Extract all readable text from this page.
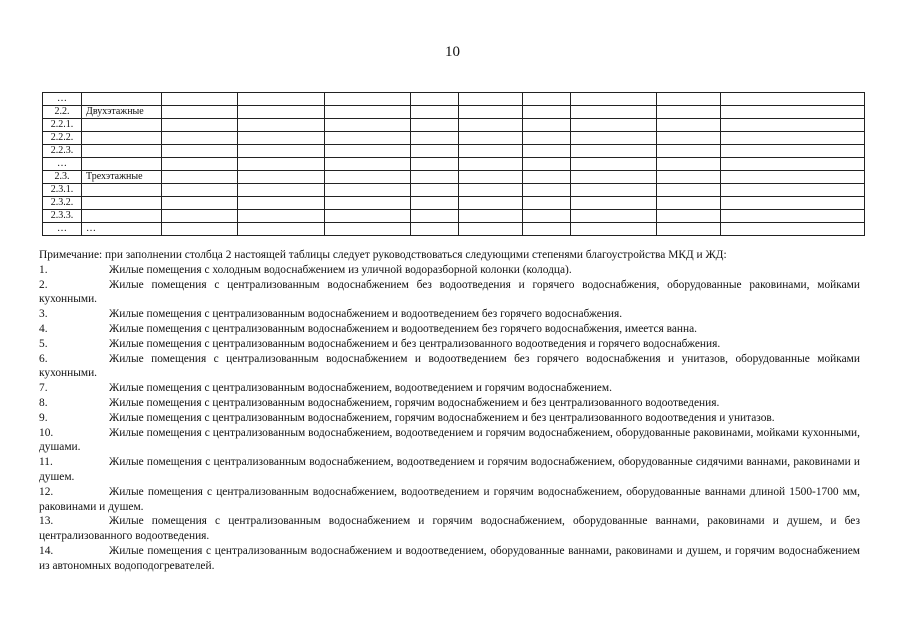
10
…										
2.2.	Двухэтажные									
2.2.1.										
2.2.2.										
2.2.3.										
…										
2.3.	Трехэтажные									
2.3.1.										
2.3.2.										
2.3.3.										
…	…									

Примечание: при заполнении столбца 2 настоящей таблицы следует руководствоваться следующими степенями благоустройства МКД и ЖД:

1.	Жилые помещения с холодным водоснабжением из уличной водоразборной колонки (колодца).

2.	Жилые помещения с централизованным водоснабжением без водоотведения и горячего водоснабжения, оборудованные раковинами, мойками кухонными.

3.	Жилые помещения с централизованным водоснабжением и водоотведением без горячего водоснабжения.

4.	Жилые помещения с централизованным водоснабжением и водоотведением без горячего водоснабжения, имеется ванна.

5.	Жилые помещения с централизованным водоснабжением и без централизованного водоотведения и горячего водоснабжения.

6.	Жилые помещения с централизованным водоснабжением и водоотведением без горячего водоснабжения и унитазов, оборудованные мойками кухонными.

7.	Жилые помещения с централизованным водоснабжением, водоотведением и горячим водоснабжением.

8.	Жилые помещения с централизованным водоснабжением, горячим водоснабжением и без централизованного водоотведения.

9.	Жилые помещения с централизованным водоснабжением, горячим водоснабжением и без централизованного водоотведения и унитазов.

10.	Жилые помещения с централизованным водоснабжением, водоотведением и горячим водоснабжением, оборудованные раковинами, мойками кухонными, душами.

11.	Жилые помещения с централизованным водоснабжением, водоотведением и горячим водоснабжением, оборудованные сидячими ваннами, раковинами и душем.

12.	Жилые помещения с централизованным водоснабжением, водоотведением и горячим водоснабжением, оборудованные ваннами длиной 1500-1700 мм, раковинами и душем.

13.	Жилые помещения с централизованным водоснабжением и горячим водоснабжением, оборудованные ваннами, раковинами и душем, и без централизованного водоотведения.

14.	Жилые помещения с централизованным водоснабжением и водоотведением, оборудованные ваннами, раковинами и душем, и горячим водоснабжением из автономных водоподогревателей.
